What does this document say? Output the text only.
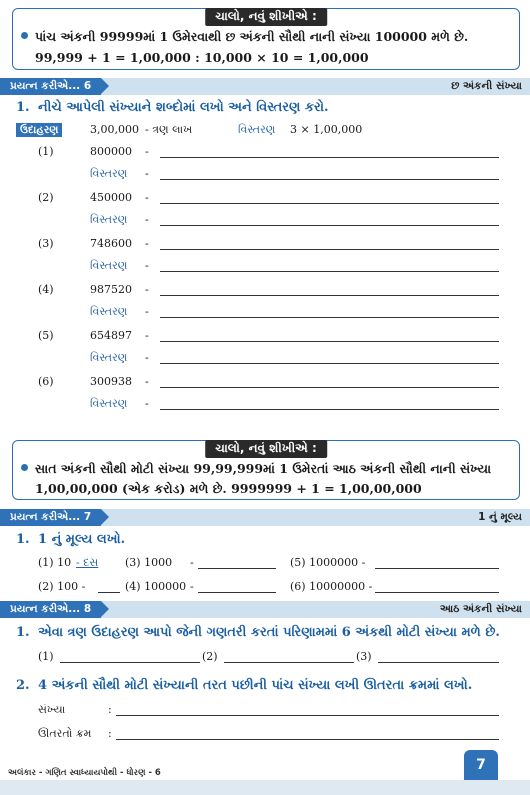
ચાલો, નવું શીખીએ :
પાંચ અંકની 99999માં 1 ઉમેરવાથી છ અંકની સૌથી નાની સંખ્યા 100000 મળે છે.
99,999 + 1 = 1,00,000 : 10,000 × 10 = 1,00,000
પ્રયત્ન કરીએ... 6	છ અંકની સંખ્યા
1. નીચે આપેલી સંખ્યાને શબ્દોમાં લખો અને વિસ્તરણ કરો.
ઉદાહરણ	3,00,000 - ત્રણ લાખ	વિસ્તરણ 3 × 1,00,000
(1)	800000 -
વિસ્તરણ -
(2)	450000 -
વિસ્તરણ -
(3)	748600 -
વિસ્તરણ -
(4)	987520 -
વિસ્તરણ -
(5)	654897 -
વિસ્તરણ -
(6)	300938 -
વિસ્તરણ -
ચાલો, નવું શીખીએ :
સાત અંકની સૌથી મોટી સંખ્યા 99,99,999માં 1 ઉમેરતાં આઠ અંકની સૌથી નાની સંખ્યા
1,00,00,000 (એક કરોડ) મળે છે. 9999999 + 1 = 1,00,00,000
પ્રયત્ન કરીએ... 7	1 નું મૂલ્ય
1. 1 નું મૂલ્ય લખો.
(1) 10 - દસ (3) 1000 -	(5) 1000000 -
(2) 100 -	(4) 100000 -	(6) 10000000 -
પ્રયત્ન કરીએ... 8	આઠ અંકની સંખ્યા
1. એવા ત્રણ ઉદાહરણ આપો જેની ગણતરી કરતાં પરિણામમાં 6 અંકથી મોટી સંખ્યા મળે છે.
(1)	(2)	(3)
2. 4 અંકની સૌથી મોટી સંખ્યાની તરત પછીની પાંચ સંખ્યા લખી ઊતરતા ક્રમમાં લખો.
સંખ્યા	:
ઊતરતો ક્રમ :
અલંકાર - ગણિત સ્વાધ્યાયપોથી - ધોરણ - 6	7
